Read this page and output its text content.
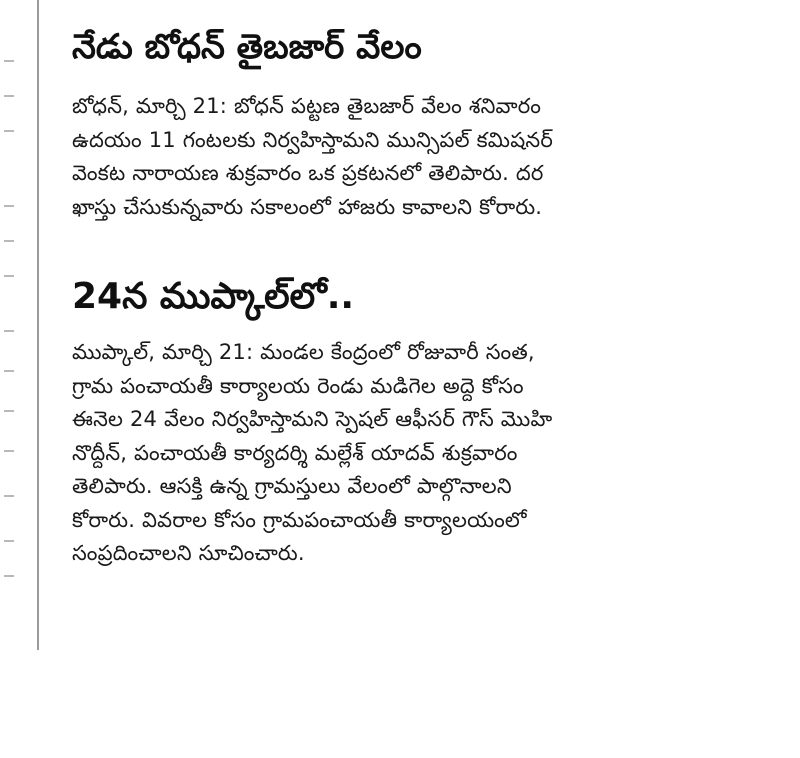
నేడు బోధన్ తైబజార్ వేలం
బోధన్, మార్చి 21: బోధన్ పట్టణ తైబజార్ వేలం శనివారం
ఉదయం 11 గంటలకు నిర్వహిస్తామని మున్సిపల్ కమిషనర్
వెంకట నారాయణ శుక్రవారం ఒక ప్రకటనలో తెలిపారు. దర
ఖాస్తు చేసుకున్నవారు సకాలంలో హాజరు కావాలని కోరారు.
24న ముప్కాల్‌లో..
ముప్కాల్, మార్చి 21: మండల కేంద్రంలో రోజువారీ సంత,
గ్రామ పంచాయతీ కార్యాలయ రెండు మడిగెల అద్దె కోసం
ఈనెల 24 వేలం నిర్వహిస్తామని స్పెషల్ ఆఫీసర్ గౌస్ మొహి
నొద్దీన్, పంచాయతీ కార్యదర్శి మల్లేశ్ యాదవ్ శుక్రవారం
తెలిపారు. ఆసక్తి ఉన్న గ్రామస్తులు వేలంలో పాల్గొనాలని
కోరారు. వివరాల కోసం గ్రామపంచాయతీ కార్యాలయంలో
సంప్రదించాలని సూచించారు.
